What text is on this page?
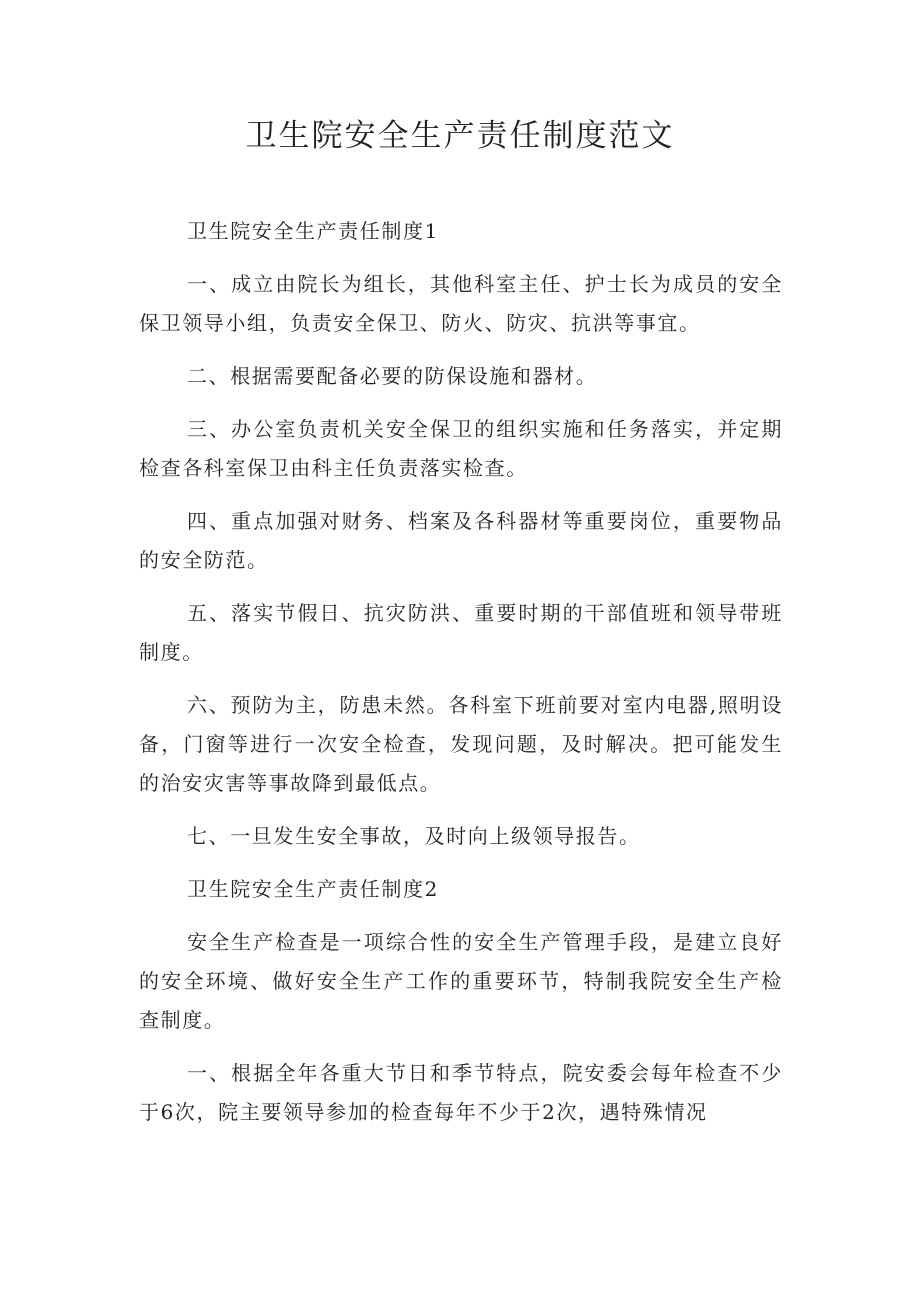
卫生院安全生产责任制度范文

卫生院安全生产责任制度1

一、成立由院长为组长，其他科室主任、护士长为成员的安全保卫领导小组，负责安全保卫、防火、防灾、抗洪等事宜。

二、根据需要配备必要的防保设施和器材。

三、办公室负责机关安全保卫的组织实施和任务落实，并定期检查各科室保卫由科主任负责落实检查。

四、重点加强对财务、档案及各科器材等重要岗位，重要物品的安全防范。

五、落实节假日、抗灾防洪、重要时期的干部值班和领导带班制度。

六、预防为主，防患未然。各科室下班前要对室内电器,照明设备，门窗等进行一次安全检查，发现问题，及时解决。把可能发生的治安灾害等事故降到最低点。

七、一旦发生安全事故，及时向上级领导报告。

卫生院安全生产责任制度2

安全生产检查是一项综合性的安全生产管理手段，是建立良好的安全环境、做好安全生产工作的重要环节，特制我院安全生产检查制度。

一、根据全年各重大节日和季节特点，院安委会每年检查不少于6次，院主要领导参加的检查每年不少于2次，遇特殊情况
